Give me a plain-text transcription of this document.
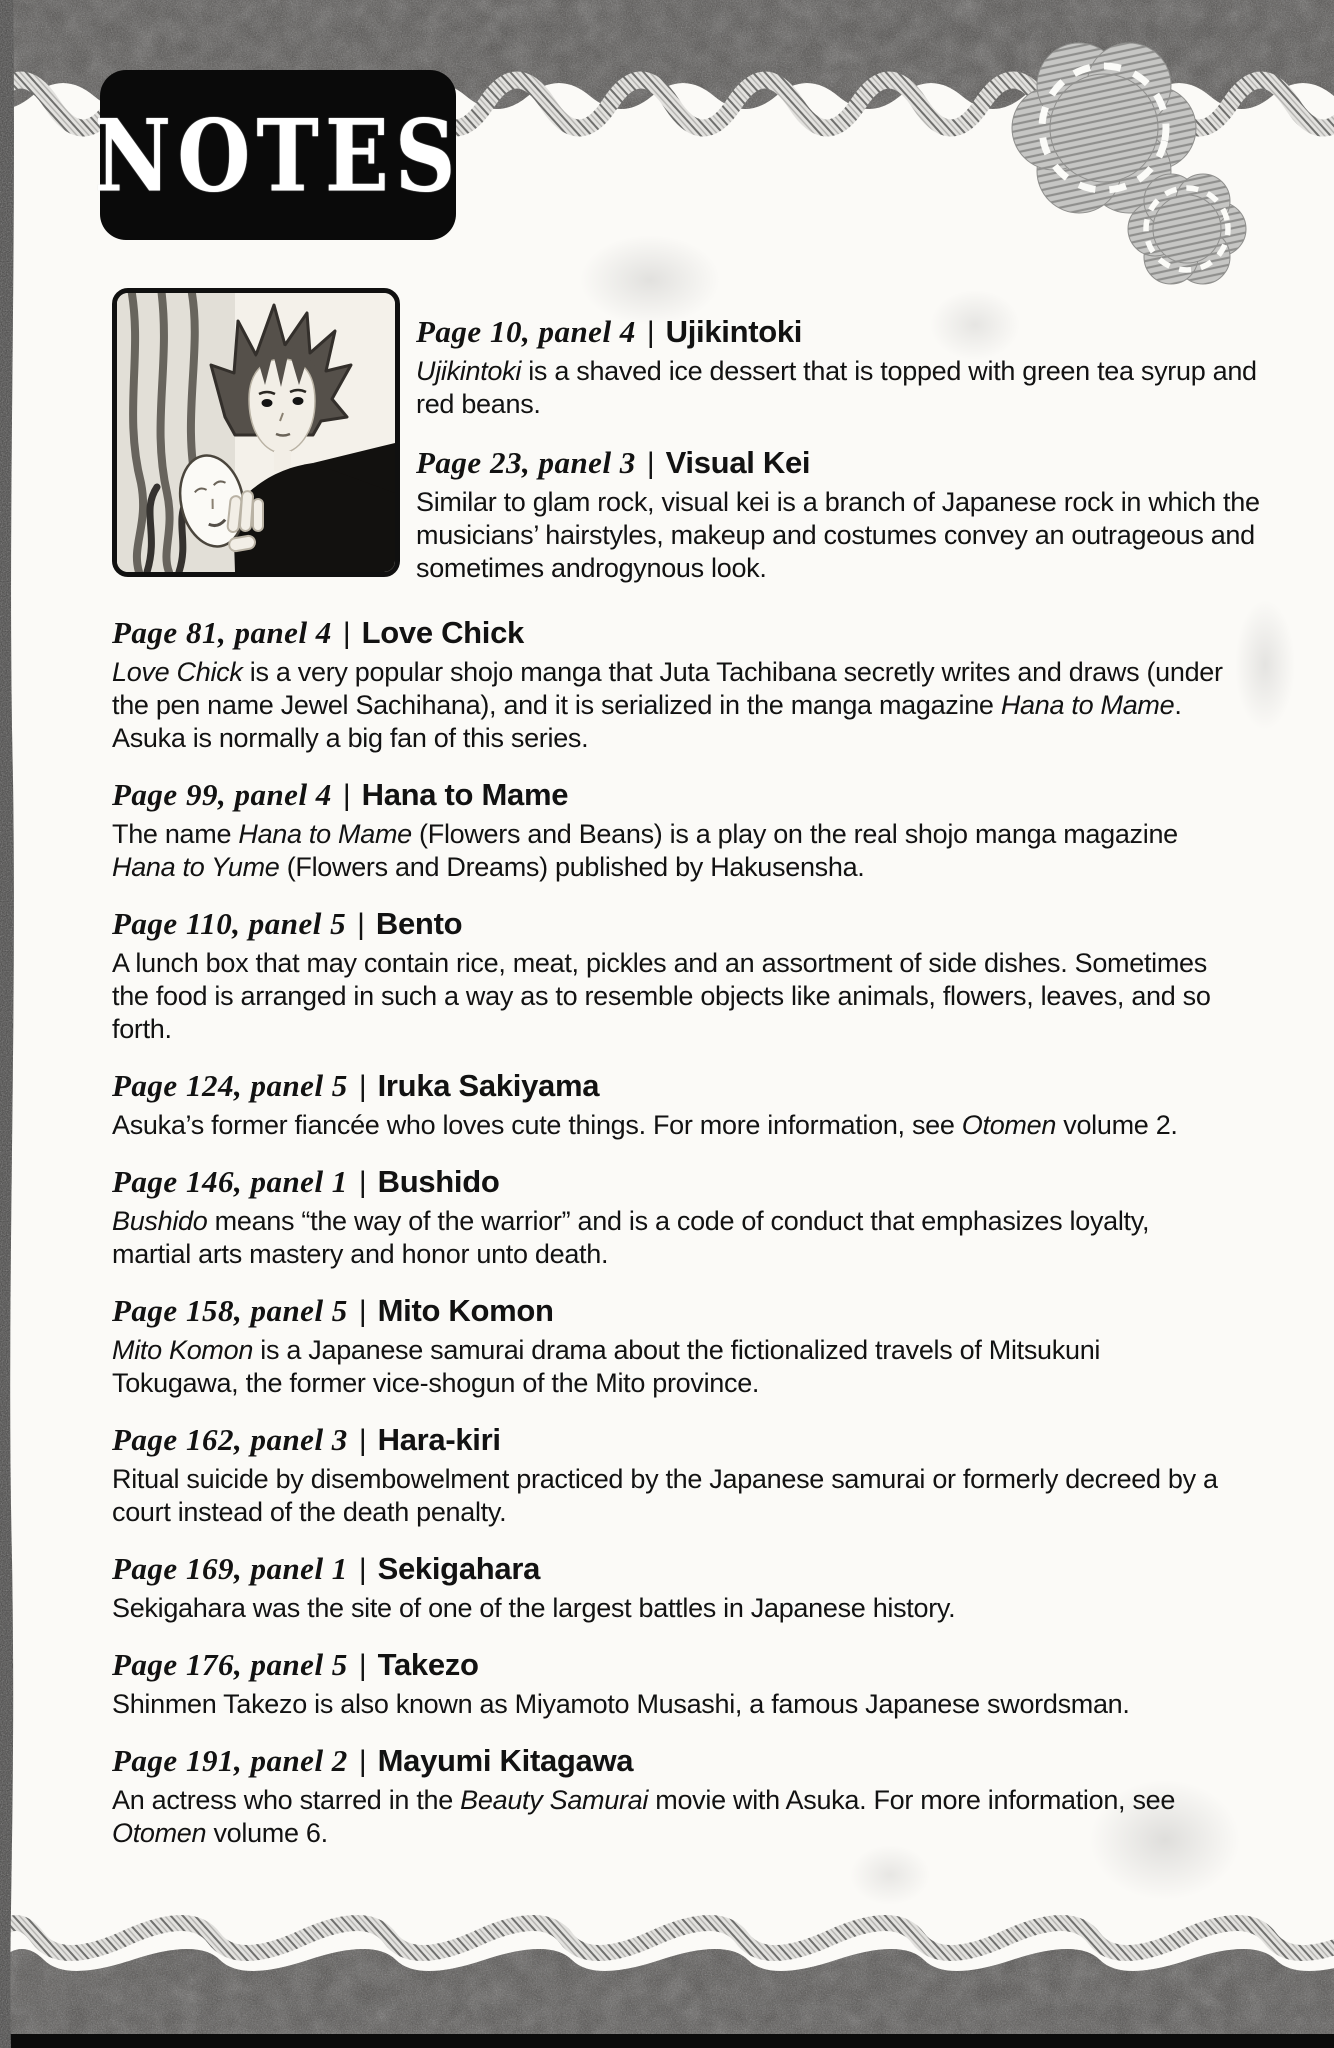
NOTES
Page 10, panel 4 | Ujikintoki
Ujikintoki is a shaved ice dessert that is topped with green tea syrup and red beans.
Page 23, panel 3 | Visual Kei
Similar to glam rock, visual kei is a branch of Japanese rock in which the musicians’ hairstyles, makeup and costumes convey an outrageous and sometimes androgynous look.
Page 81, panel 4 | Love Chick
Love Chick is a very popular shojo manga that Juta Tachibana secretly writes and draws (under the pen name Jewel Sachihana), and it is serialized in the manga magazine Hana to Mame. Asuka is normally a big fan of this series.
Page 99, panel 4 | Hana to Mame
The name Hana to Mame (Flowers and Beans) is a play on the real shojo manga magazine Hana to Yume (Flowers and Dreams) published by Hakusensha.
Page 110, panel 5 | Bento
A lunch box that may contain rice, meat, pickles and an assortment of side dishes. Sometimes the food is arranged in such a way as to resemble objects like animals, flowers, leaves, and so forth.
Page 124, panel 5 | Iruka Sakiyama
Asuka’s former fiancée who loves cute things. For more information, see Otomen volume 2.
Page 146, panel 1 | Bushido
Bushido means “the way of the warrior” and is a code of conduct that emphasizes loyalty, martial arts mastery and honor unto death.
Page 158, panel 5 | Mito Komon
Mito Komon is a Japanese samurai drama about the fictionalized travels of Mitsukuni Tokugawa, the former vice-shogun of the Mito province.
Page 162, panel 3 | Hara-kiri
Ritual suicide by disembowelment practiced by the Japanese samurai or formerly decreed by a court instead of the death penalty.
Page 169, panel 1 | Sekigahara
Sekigahara was the site of one of the largest battles in Japanese history.
Page 176, panel 5 | Takezo
Shinmen Takezo is also known as Miyamoto Musashi, a famous Japanese swordsman.
Page 191, panel 2 | Mayumi Kitagawa
An actress who starred in the Beauty Samurai movie with Asuka. For more information, see Otomen volume 6.
